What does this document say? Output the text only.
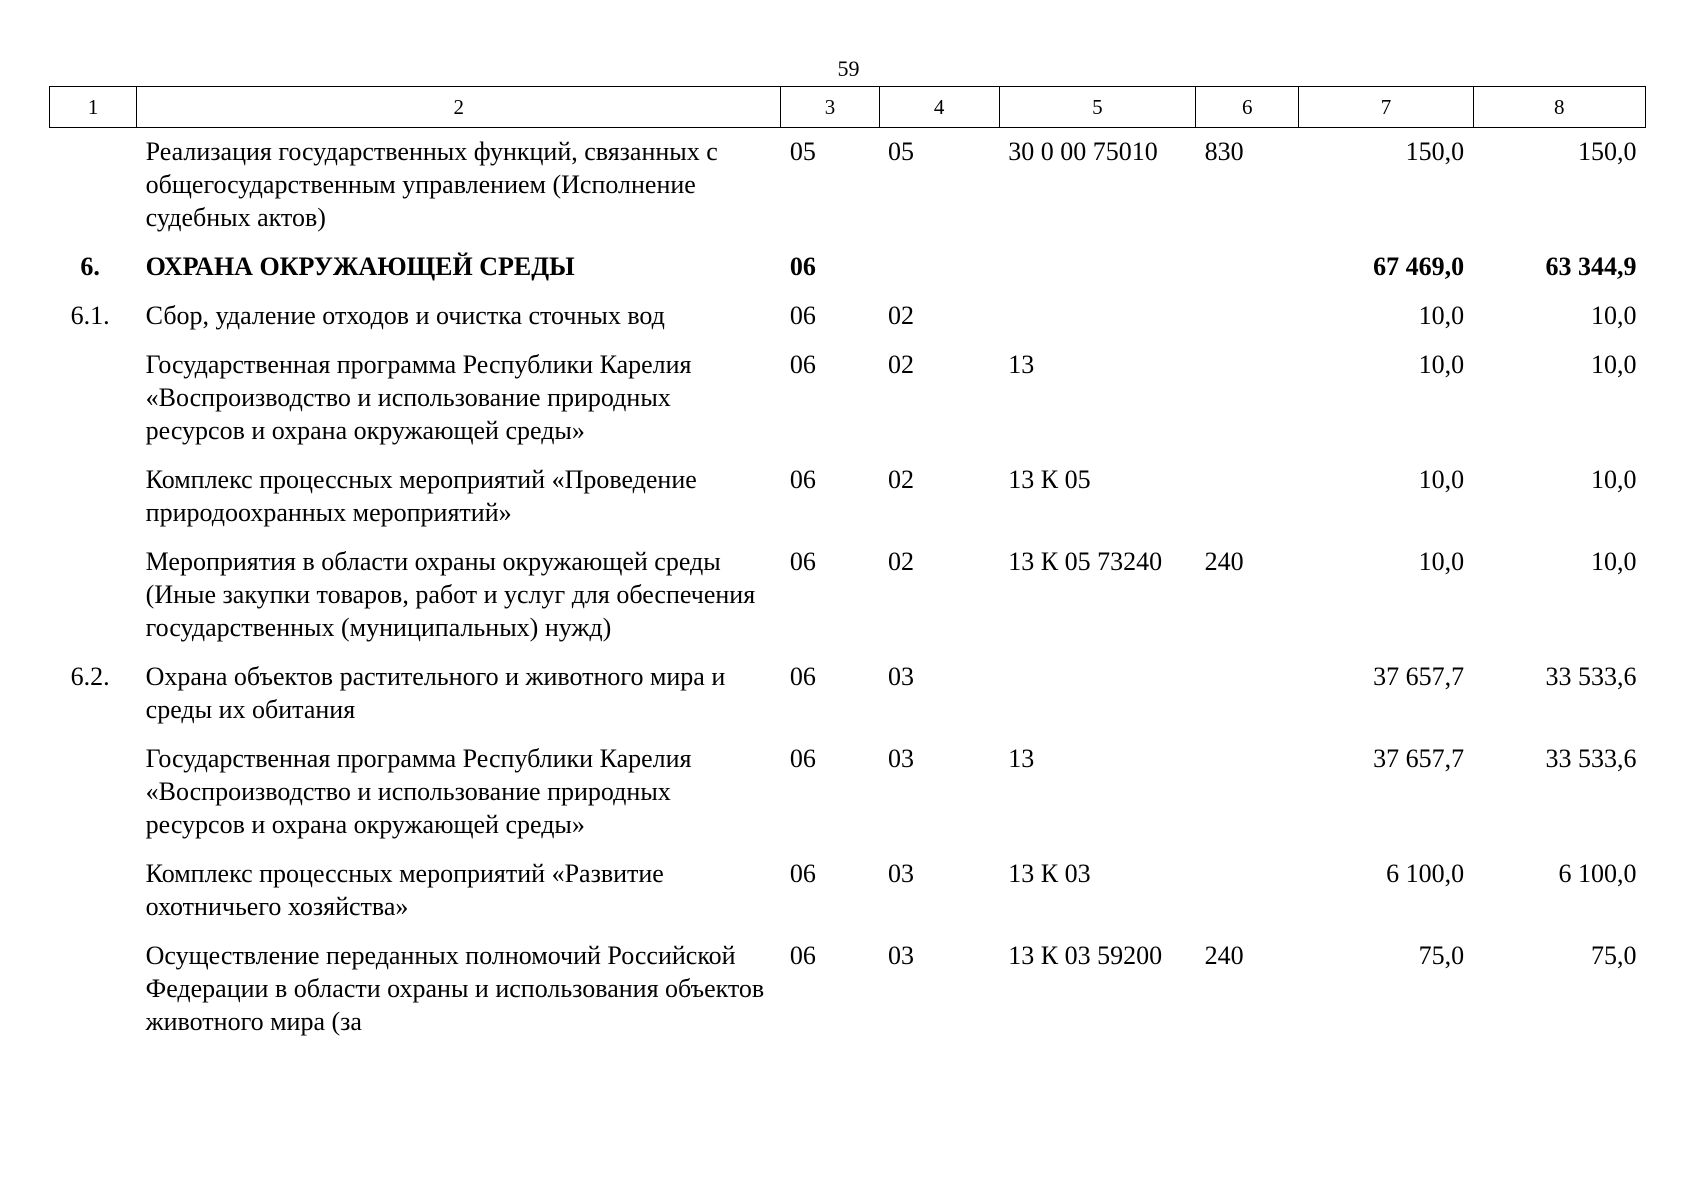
59
1	2	3	4	5	6	7	8
	Реализация государственных функций, связанных с общегосударственным управлением (Исполнение судебных актов)	05	05	30 0 00 75010	830	150,0	150,0
6.	ОХРАНА ОКРУЖАЮЩЕЙ СРЕДЫ	06				67 469,0	63 344,9
6.1.	Сбор, удаление отходов и очистка сточных вод	06	02			10,0	10,0
	Государственная программа Республики Карелия «Воспроизводство и использование природных ресурсов и охрана окружающей среды»	06	02	13		10,0	10,0
	Комплекс процессных мероприятий «Проведение природоохранных мероприятий»	06	02	13 К 05		10,0	10,0
	Мероприятия в области охраны окружающей среды (Иные закупки товаров, работ и услуг для обеспечения государственных (муниципальных) нужд)	06	02	13 К 05 73240	240	10,0	10,0
6.2.	Охрана объектов растительного и животного мира и среды их обитания	06	03			37 657,7	33 533,6
	Государственная программа Республики Карелия «Воспроизводство и использование природных ресурсов и охрана окружающей среды»	06	03	13		37 657,7	33 533,6
	Комплекс процессных мероприятий «Развитие охотничьего хозяйства»	06	03	13 К 03		6 100,0	6 100,0
	Осуществление переданных полномочий Российской Федерации в области охраны и использования объектов животного мира (за	06	03	13 К 03 59200	240	75,0	75,0
